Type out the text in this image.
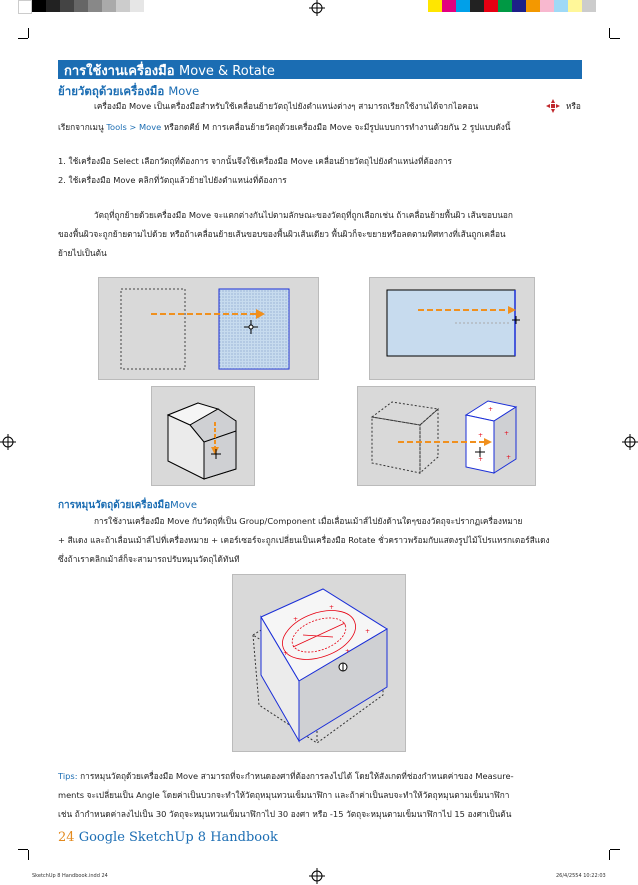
การใช้งานเครื่องมือ Move & Rotate
ย้ายวัตถุด้วยเครื่องมือ Move
เครื่องมือ Move เป็นเครื่องมือสำหรับใช้เคลื่อนย้ายวัตถุไปยังตำแหน่งต่างๆ สามารถเรียกใช้งานได้จากไอคอน	หรือ
เรียกจากเมนู Tools > Move หรือกดคีย์ M การเคลื่อนย้ายวัตถุด้วยเครื่องมือ Move จะมีรูปแบบการทำงานด้วยกัน 2 รูปแบบดังนี้
1. ใช้เครื่องมือ Select เลือกวัตถุที่ต้องการ จากนั้นจึงใช้เครื่องมือ Move เคลื่อนย้ายวัตถุไปยังตำแหน่งที่ต้องการ
2. ใช้เครื่องมือ Move คลิกที่วัตถุแล้วย้ายไปยังตำแหน่งที่ต้องการ
วัตถุที่ถูกย้ายด้วยเครื่องมือ Move จะแตกต่างกันไปตามลักษณะของวัตถุที่ถูกเลือกเช่น ถ้าเคลื่อนย้ายพื้นผิว เส้นขอบนอก
ของพื้นผิวจะถูกย้ายตามไปด้วย หรือถ้าเคลื่อนย้ายเส้นขอบของพื้นผิวเส้นเดียว พื้นผิวก็จะขยายหรือลดตามทิศทางที่เส้นถูกเคลื่อน
ย้ายไปเป็นต้น
+
+	+
+	+
การหมุนวัตถุด้วยเครื่องมือMove
การใช้งานเครื่องมือ Move กับวัตถุที่เป็น Group/Component เมื่อเลื่อนเม้าส์ไปยังด้านใดๆของวัตถุจะปรากฏเครื่องหมาย
+ สีแดง และถ้าเลื่อนเม้าส์ไปที่เครื่องหมาย + เคอร์เซอร์จะถูกเปลี่ยนเป็นเครื่องมือ Rotate ชั่วคราวพร้อมกับแสดงรูปไม้โปรแทรกเตอร์สีแดง
ซึ่งถ้าเราคลิกเม้าส์ก็จะสามารถปรับหมุนวัตถุได้ทันที
+
+
+
+
+
Tips: การหมุนวัตถุด้วยเครื่องมือ Move สามารถที่จะกำหนดองศาที่ต้องการลงไปได้ โดยให้สังเกตที่ช่องกำหนดค่าของ Measure-
ments จะเปลี่ยนเป็น Angle โดยค่าเป็นบวกจะทำให้วัตถุหมุนทวนเข็มนาฬิกา และถ้าค่าเป็นลบจะทำให้วัตถุหมุนตามเข็มนาฬิกา
เช่น ถ้ากำหนดค่าลงไปเป็น 30 วัตถุจะหมุนทวนเข็มนาฬิกาไป 30 องศา หรือ -15 วัตถุจะหมุนตามเข็มนาฬิกาไป 15 องศาเป็นต้น
24 Google SketchUp 8 Handbook
SketchUp 8 Handbook.indd 24	26/4/2554 10:22:03
